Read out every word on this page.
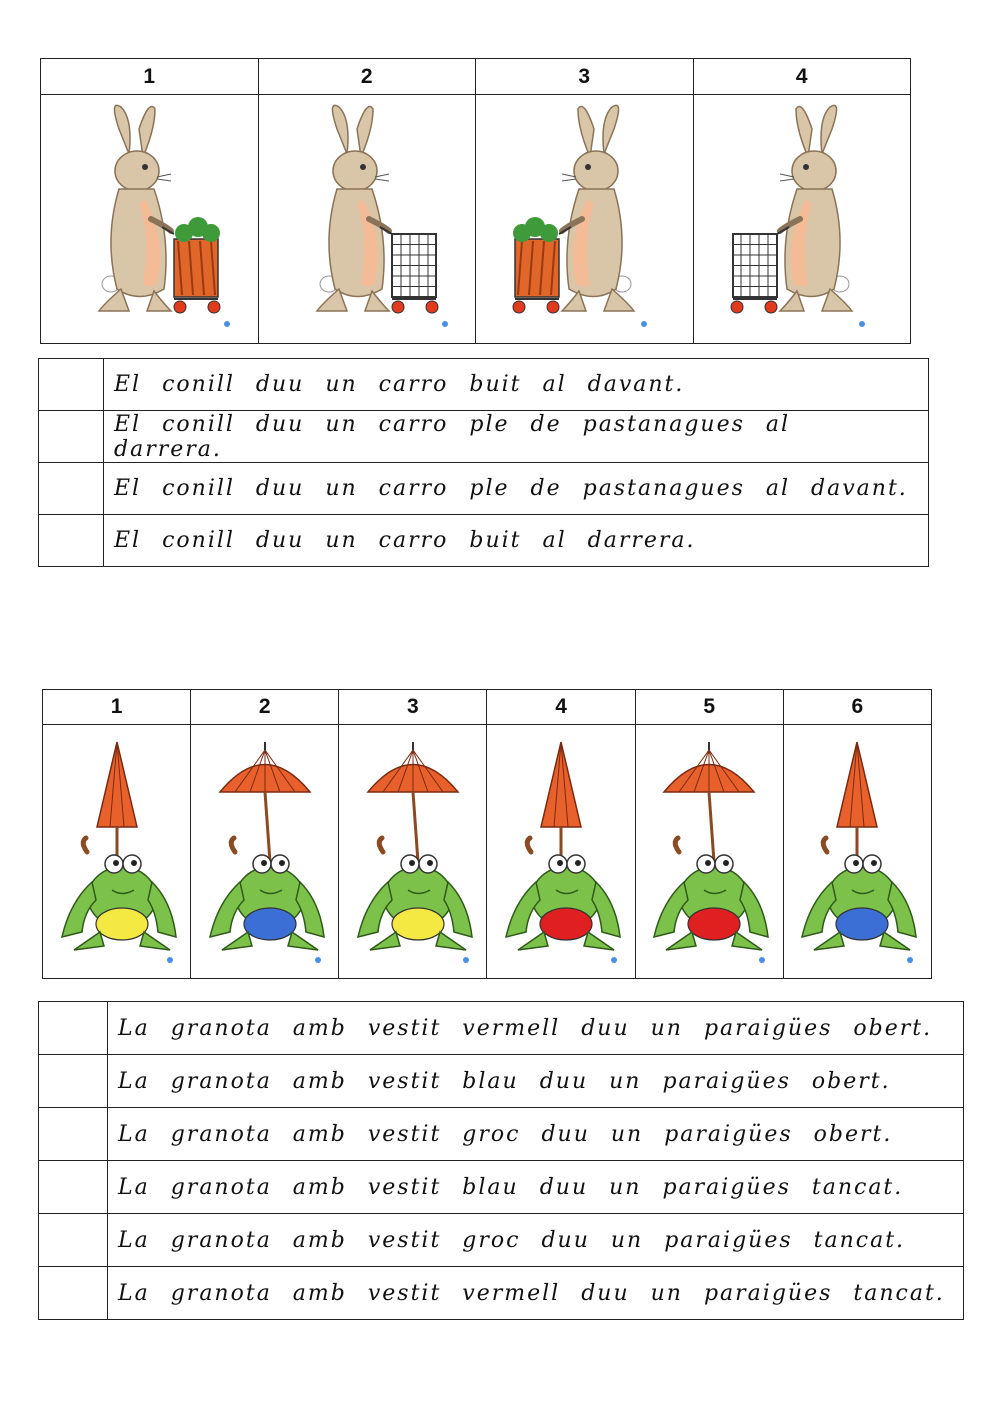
1	2	3	4

	El conill duu un carro buit al davant.
	El conill duu un carro ple de pastanagues al darrera.
	El conill duu un carro ple de pastanagues al davant.
	El conill duu un carro buit al darrera.
1	2	3	4	5	6

	La granota amb vestit vermell duu un paraigües obert.
	La granota amb vestit blau duu un paraigües obert.
	La granota amb vestit groc duu un paraigües obert.
	La granota amb vestit blau duu un paraigües tancat.
	La granota amb vestit groc duu un paraigües tancat.
	La granota amb vestit vermell duu un paraigües tancat.
